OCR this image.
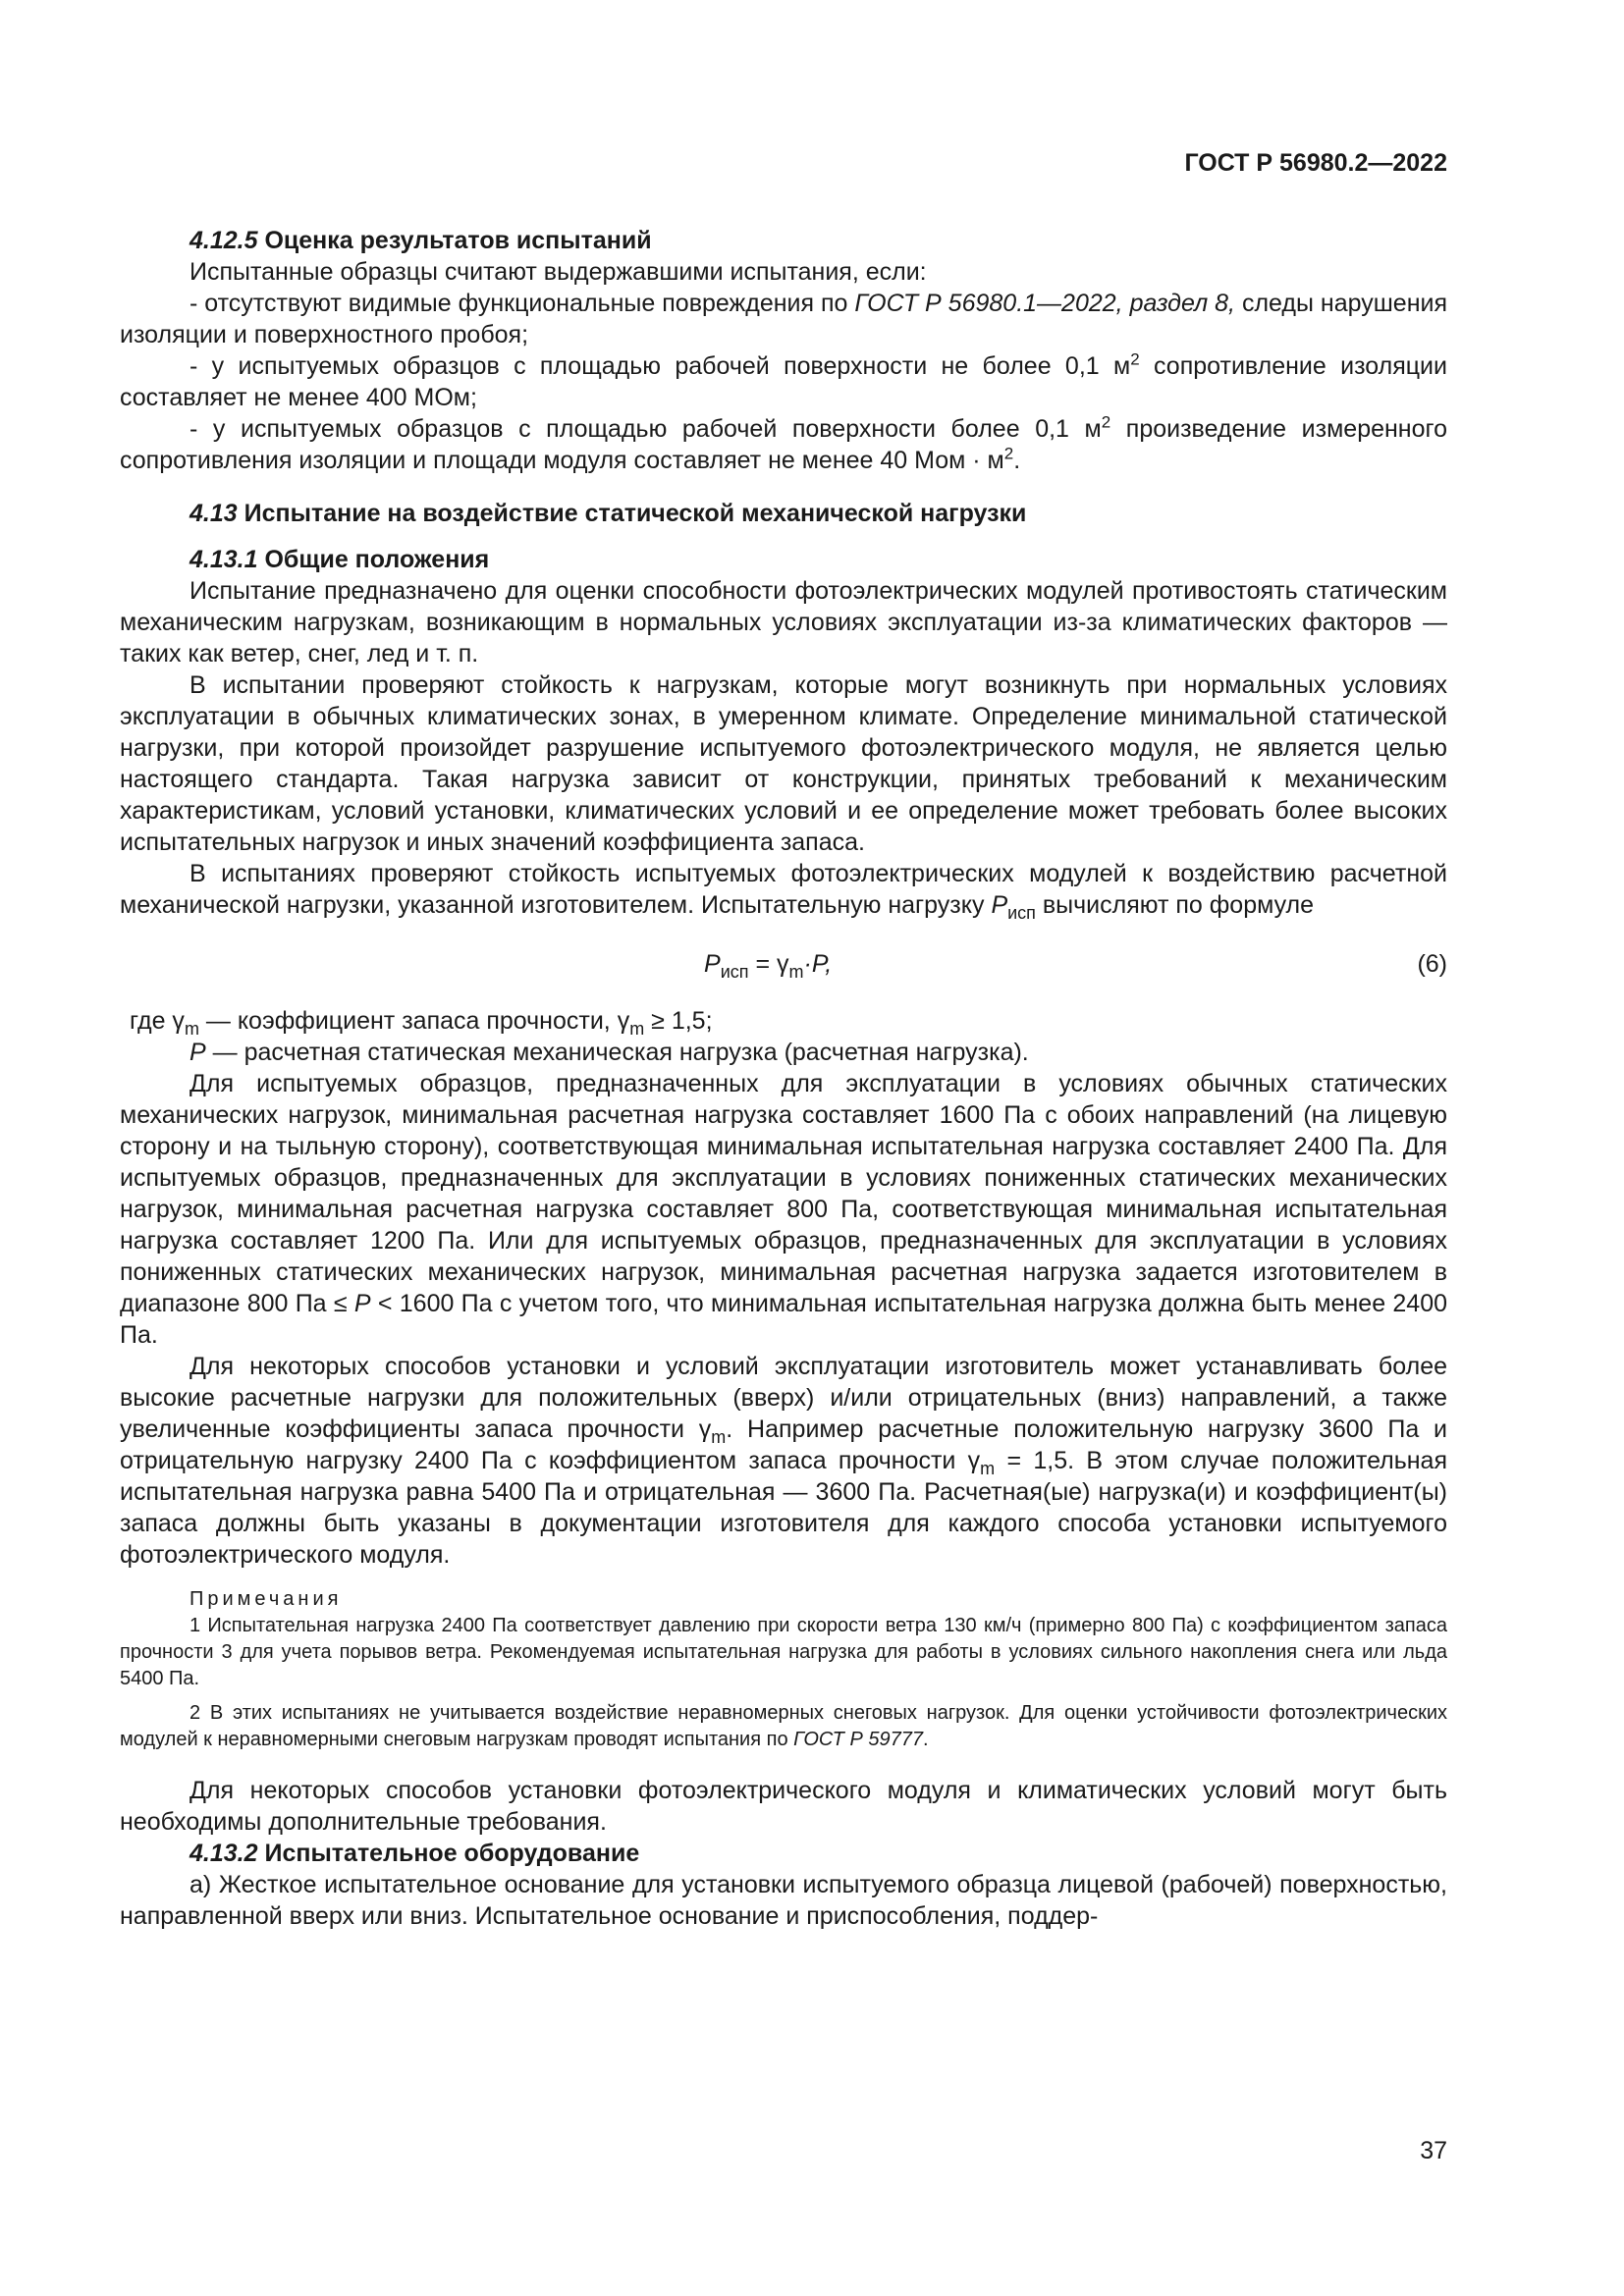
ГОСТ Р 56980.2—2022

4.12.5 Оценка результатов испытаний

Испытанные образцы считают выдержавшими испытания, если:

- отсутствуют видимые функциональные повреждения по ГОСТ Р 56980.1—2022, раздел 8, следы нарушения изоляции и поверхностного пробоя;

- у испытуемых образцов с площадью рабочей поверхности не более 0,1 $м^2$ сопротивление изоляции составляет не менее 400 МОм;

- у испытуемых образцов с площадью рабочей поверхности более 0,1 $м^2$ произведение измеренного сопротивления изоляции и площади модуля составляет не менее 40 Мом · $м^2$.

4.13 Испытание на воздействие статической механической нагрузки

4.13.1 Общие положения

Испытание предназначено для оценки способности фотоэлектрических модулей противостоять статическим механическим нагрузкам, возникающим в нормальных условиях эксплуатации из-за климатических факторов — таких как ветер, снег, лед и т. п.

В испытании проверяют стойкость к нагрузкам, которые могут возникнуть при нормальных условиях эксплуатации в обычных климатических зонах, в умеренном климате. Определение минимальной статической нагрузки, при которой произойдет разрушение испытуемого фотоэлектрического модуля, не является целью настоящего стандарта. Такая нагрузка зависит от конструкции, принятых требований к механическим характеристикам, условий установки, климатических условий и ее определение может требовать более высоких испытательных нагрузок и иных значений коэффициента запаса.

В испытаниях проверяют стойкость испытуемых фотоэлектрических модулей к воздействию расчетной механической нагрузки, указанной изготовителем. Испытательную нагрузку $P_{исп}$ вычисляют по формуле

$P_{исп} = \gamma_m\cdot P$,	(6)

где $\gamma_m$ — коэффициент запаса прочности, $\gamma_m \ge 1,5$;

P — расчетная статическая механическая нагрузка (расчетная нагрузка).

Для испытуемых образцов, предназначенных для эксплуатации в условиях обычных статических механических нагрузок, минимальная расчетная нагрузка составляет 1600 Па с обоих направлений (на лицевую сторону и на тыльную сторону), соответствующая минимальная испытательная нагрузка составляет 2400 Па. Для испытуемых образцов, предназначенных для эксплуатации в условиях пониженных статических механических нагрузок, минимальная расчетная нагрузка составляет 800 Па, соответствующая минимальная испытательная нагрузка составляет 1200 Па. Или для испытуемых образцов, предназначенных для эксплуатации в условиях пониженных статических механических нагрузок, минимальная расчетная нагрузка задается изготовителем в диапазоне 800 Па ≤ P < 1600 Па с учетом того, что минимальная испытательная нагрузка должна быть менее 2400 Па.

Для некоторых способов установки и условий эксплуатации изготовитель может устанавливать более высокие расчетные нагрузки для положительных (вверх) и/или отрицательных (вниз) направлений, а также увеличенные коэффициенты запаса прочности $\gamma_m$. Например расчетные положительную нагрузку 3600 Па и отрицательную нагрузку 2400 Па с коэффициентом запаса прочности $\gamma_m = 1,5$. В этом случае положительная испытательная нагрузка равна 5400 Па и отрицательная — 3600 Па. Расчетная(ые) нагрузка(и) и коэффициент(ы) запаса должны быть указаны в документации изготовителя для каждого способа установки испытуемого фотоэлектрического модуля.

Примечания

1 Испытательная нагрузка 2400 Па соответствует давлению при скорости ветра 130 км/ч (примерно 800 Па) с коэффициентом запаса прочности 3 для учета порывов ветра. Рекомендуемая испытательная нагрузка для работы в условиях сильного накопления снега или льда 5400 Па.

2 В этих испытаниях не учитывается воздействие неравномерных снеговых нагрузок. Для оценки устойчивости фотоэлектрических модулей к неравномерными снеговым нагрузкам проводят испытания по ГОСТ Р 59777.

Для некоторых способов установки фотоэлектрического модуля и климатических условий могут быть необходимы дополнительные требования.

4.13.2 Испытательное оборудование

а) Жесткое испытательное основание для установки испытуемого образца лицевой (рабочей) поверхностью, направленной вверх или вниз. Испытательное основание и приспособления, поддер-

37
